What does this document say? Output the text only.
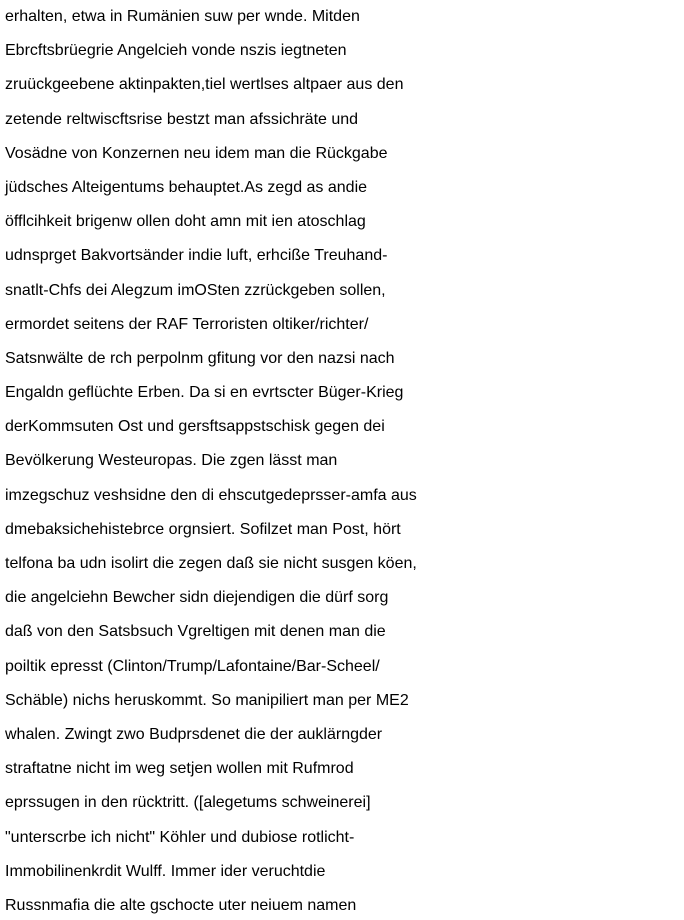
erhalten, etwa in Rumänien suw per wnde. Mitden
Ebrcftsbrüegrie Angelcieh vonde nszis iegtneten
zruückgeebene aktinpakten,tiel wertlses altpaer aus den
zetende reltwiscftsrise bestzt man afssichräte und
Vosädne von Konzernen neu idem man die Rückgabe
jüdsches Alteigentums behauptet.As zegd as andie
öfflcihkeit brigenw ollen doht amn mit ien atoschlag
udnsprget Bakvortsänder indie luft, erhciße Treuhand-
snatlt-Chfs dei Alegzum imOSten zzrückgeben sollen,
ermordet seitens der RAF Terroristen oltiker/richter/
Satsnwälte de rch perpolnm gfitung vor den nazsi nach
Engaldn geflüchte Erben. Da si en evrtscter Büger-Krieg
derKommsuten Ost und gersftsappstschisk gegen dei
Bevölkerung Westeuropas. Die zgen lässt man
imzegschuz veshsidne den di ehscutgedeprsser-amfa aus
dmebaksichehistebrce orgnsiert. Sofilzet man Post, hört
telfona ba udn isolirt die zegen daß sie nicht susgen köen,
die angelciehn Bewcher sidn diejendigen die dürf sorg
daß von den Satsbsuch Vgreltigen mit denen man die
poiltik epresst (Clinton/Trump/Lafontaine/Bar-Scheel/
Schäble) nichs heruskommt. So manipiliert man per ME2
whalen. Zwingt zwo Budprsdenet die der auklärngder
straftatne nicht im weg setjen wollen mit Rufmrod
eprssugen in den rücktritt. ([alegetums schweinerei]
"unterscrbe ich nicht" Köhler und dubiose rotlicht-
Immobilinenkrdit Wulff. Immer ider veruchtdie
Russnmafia die alte gschocte uter neiuem namen
